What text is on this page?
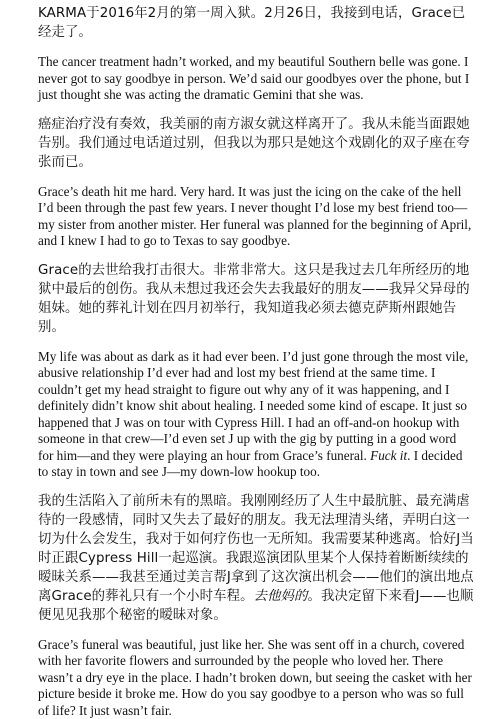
KARMA于2016年2月的第一周入狱。2月26日，我接到电话，Grace已经走了。

The cancer treatment hadn’t worked, and my beautiful Southern belle was gone. I never got to say goodbye in person. We’d said our goodbyes over the phone, but I just thought she was acting the dramatic Gemini that she was.

癌症治疗没有奏效，我美丽的南方淑女就这样离开了。我从未能当面跟她告别。我们通过电话道过别，但我以为那只是她这个戏剧化的双子座在夸张而已。

Grace’s death hit me hard. Very hard. It was just the icing on the cake of the hell I’d been through the past few years. I never thought I’d lose my best friend too—my sister from another mister. Her funeral was planned for the beginning of April, and I knew I had to go to Texas to say goodbye.

Grace的去世给我打击很大。非常非常大。这只是我过去几年所经历的地狱中最后的创伤。我从未想过我还会失去我最好的朋友——我异父异母的姐妹。她的葬礼计划在四月初举行，我知道我必须去德克萨斯州跟她告别。

My life was about as dark as it had ever been. I’d just gone through the most vile, abusive relationship I’d ever had and lost my best friend at the same time. I couldn’t get my head straight to figure out why any of it was happening, and I definitely didn’t know shit about healing. I needed some kind of escape. It just so happened that J was on tour with Cypress Hill. I had an off-and-on hookup with someone in that crew—I’d even set J up with the gig by putting in a good word for him—and they were playing an hour from Grace’s funeral. Fuck it. I decided to stay in town and see J—my down-low hookup too.

我的生活陷入了前所未有的黑暗。我刚刚经历了人生中最肮脏、最充满虐待的一段感情，同时又失去了最好的朋友。我无法理清头绪，弄明白这一切为什么会发生，我对于如何疗伤也一无所知。我需要某种逃离。恰好J当时正跟Cypress Hill一起巡演。我跟巡演团队里某个人保持着断断续续的暧昧关系——我甚至通过美言帮J拿到了这次演出机会——他们的演出地点离Grace的葬礼只有一个小时车程。去他妈的。我决定留下来看J——也顺便见见我那个秘密的暧昧对象。

Grace’s funeral was beautiful, just like her. She was sent off in a church, covered with her favorite flowers and surrounded by the people who loved her. There wasn’t a dry eye in the place. I hadn’t broken down, but seeing the casket with her picture beside it broke me. How do you say goodbye to a person who was so full of life? It just wasn’t fair.
